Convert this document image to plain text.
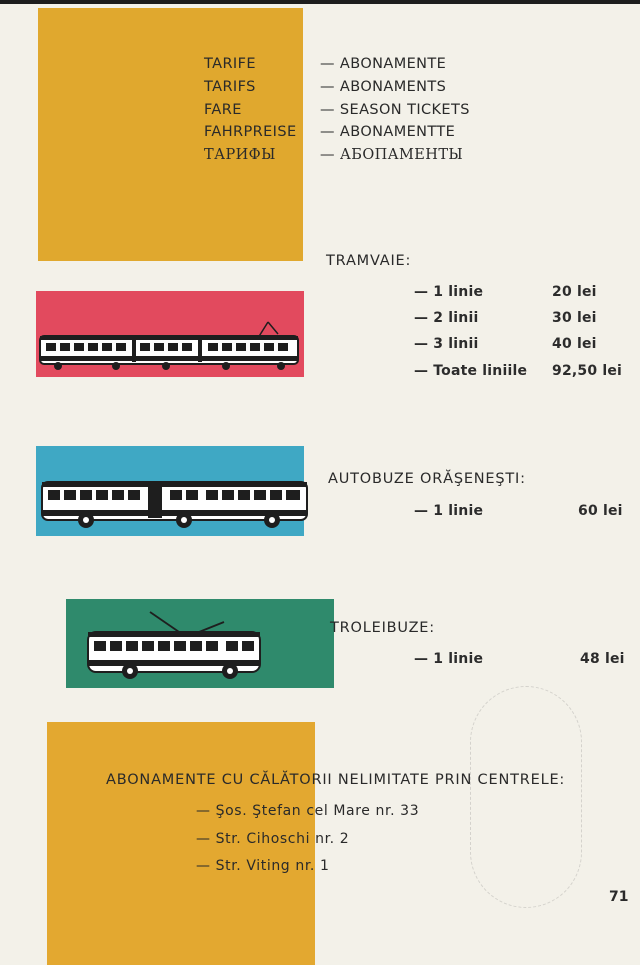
TARIFE	— ABONAMENTE
TARIFS	— ABONAMENTS
FARE	— SEASON TICKETS
FAHRPREISE — ABONAMENTTE
ТАРИФЫ	— АБОПАМЕНТЫ
TRAMVAIE:
— 1 linie	20 lei
— 2 linii	30 lei
— 3 linii	40 lei
— Toate liniile 92,50 lei
AUTOBUZE ORĂŞENEŞTI:
— 1 linie	60 lei
TROLEIBUZE:
— 1 linie	48 lei
ABONAMENTE CU CĂLĂTORII NELIMITATE PRIN CENTRELE:
— Şos. Ştefan cel Mare nr. 33
— Str. Cihoschi nr. 2
— Str. Viting nr. 1
71
